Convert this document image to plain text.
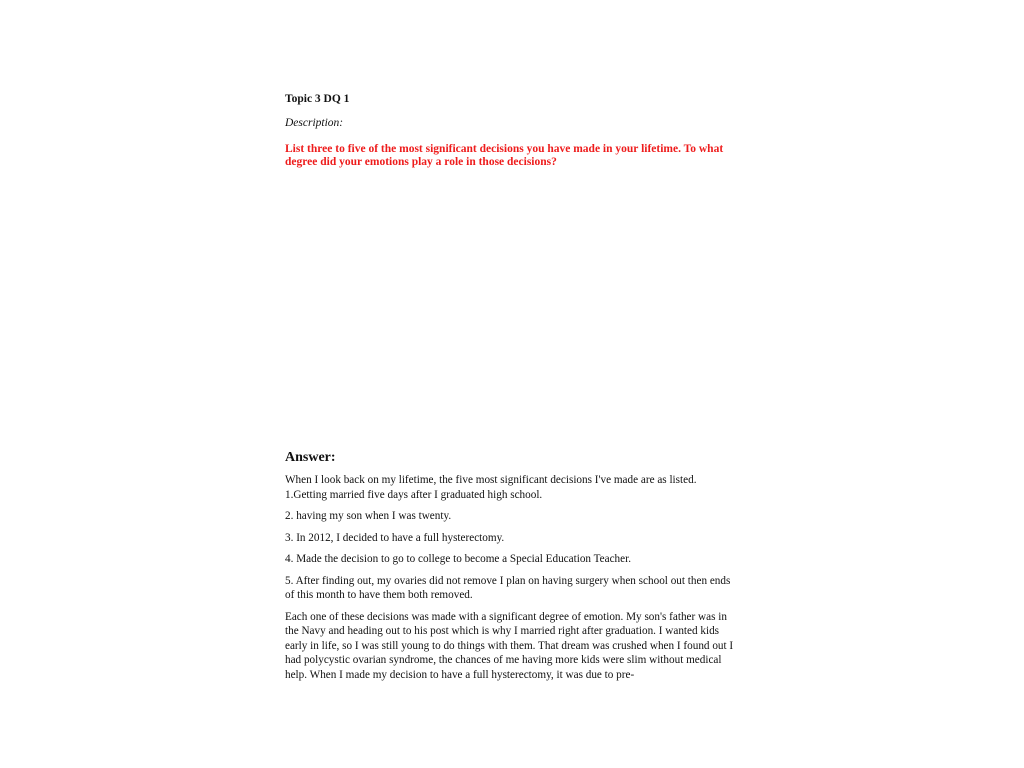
Topic 3 DQ 1

Description:

List three to five of the most significant decisions you have made in your lifetime. To what degree did your emotions play a role in those decisions?

Answer:

When I look back on my lifetime, the five most significant decisions I've made are as listed.
1.Getting married five days after I graduated high school.

2. having my son when I was twenty.

3. In 2012, I decided to have a full hysterectomy.

4. Made the decision to go to college to become a Special Education Teacher.

5. After finding out, my ovaries did not remove I plan on having surgery when school out then ends of this month to have them both removed.

Each one of these decisions was made with a significant degree of emotion. My son's father was in the Navy and heading out to his post which is why I married right after graduation. I wanted kids early in life, so I was still young to do things with them. That dream was crushed when I found out I had polycystic ovarian syndrome, the chances of me having more kids were slim without medical help. When I made my decision to have a full hysterectomy, it was due to pre-
